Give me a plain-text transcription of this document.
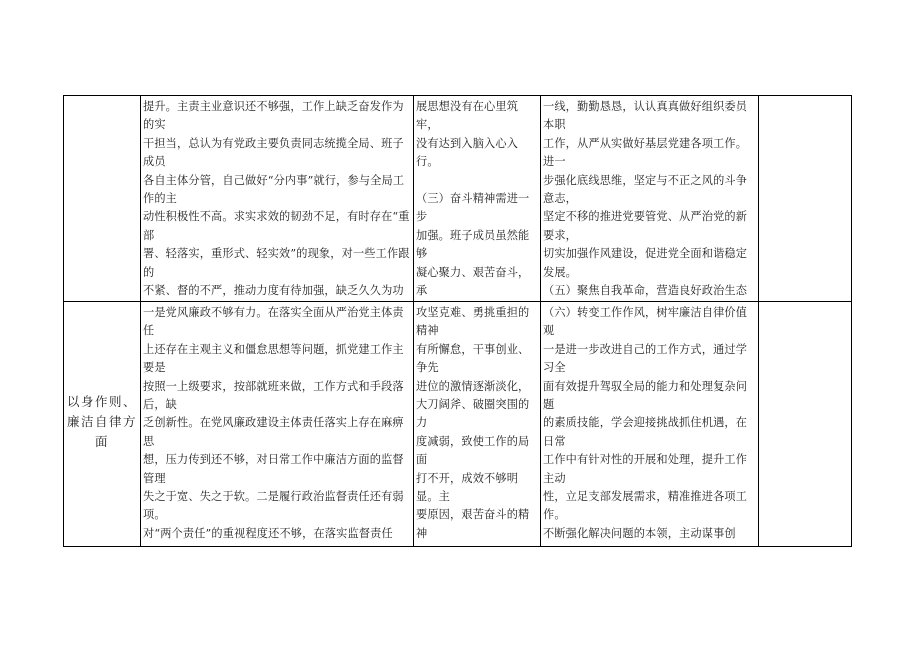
提升。主责主业意识还不够强，工作上缺乏奋发作为的实
干担当，总认为有党政主要负责同志统揽全局、班子成员
各自主体分管，自己做好“分内事”就行，参与全局工作的主
动性积极性不高。求实求效的韧劲不足，有时存在“重部
署、轻落实，重形式、轻实效”的现象，对一些工作跟的
不紧、督的不严，推动力度有待加强，缺乏久久为功

展思想没有在心里筑牢，
没有达到入脑入心入行。

（三）奋斗精神需进一步
加强。班子成员虽然能够
凝心聚力、艰苦奋斗，承

一线，勤勤恳恳，认认真真做好组织委员本职
工作，从严从实做好基层党建各项工作。进一
步强化底线思维，坚定与不正之风的斗争意志，
坚定不移的推进党要管党、从严治党的新要求，
切实加强作风建设，促进党全面和谐稳定发展。
（五）聚焦自我革命，营造良好政治生态

以身作则、
廉洁自律方
面
一是党风廉政不够有力。在落实全面从严治党主体责任
上还存在主观主义和僵怠思想等问题，抓党建工作主要是
按照一上级要求，按部就班来做，工作方式和手段落后，缺
乏创新性。在党风廉政建设主体责任落实上存在麻痹思
想，压力传到还不够，对日常工作中廉洁方面的监督管理
失之于宽、失之于软。二是履行政治监督责任还有弱项。
对“两个责任”的重视程度还不够，在落实监督责任

攻坚克难、勇挑重担的精神
有所懈怠，干事创业、争先
进位的激情逐渐淡化，
大刀阔斧、破圈突围的力
度减弱，致使工作的局面
打不开，成效不够明显。主
要原因，艰苦奋斗的精神

（六）转变工作作风，树牢廉洁自律价值观
一是进一步改进自己的工作方式，通过学习全
面有效提升驾驭全局的能力和处理复杂问题
的素质技能，学会迎接挑战抓住机遇，在日常
工作中有针对性的开展和处理，提升工作主动
性，立足支部发展需求，精准推进各项工作。
不断强化解决问题的本领，主动谋事创
